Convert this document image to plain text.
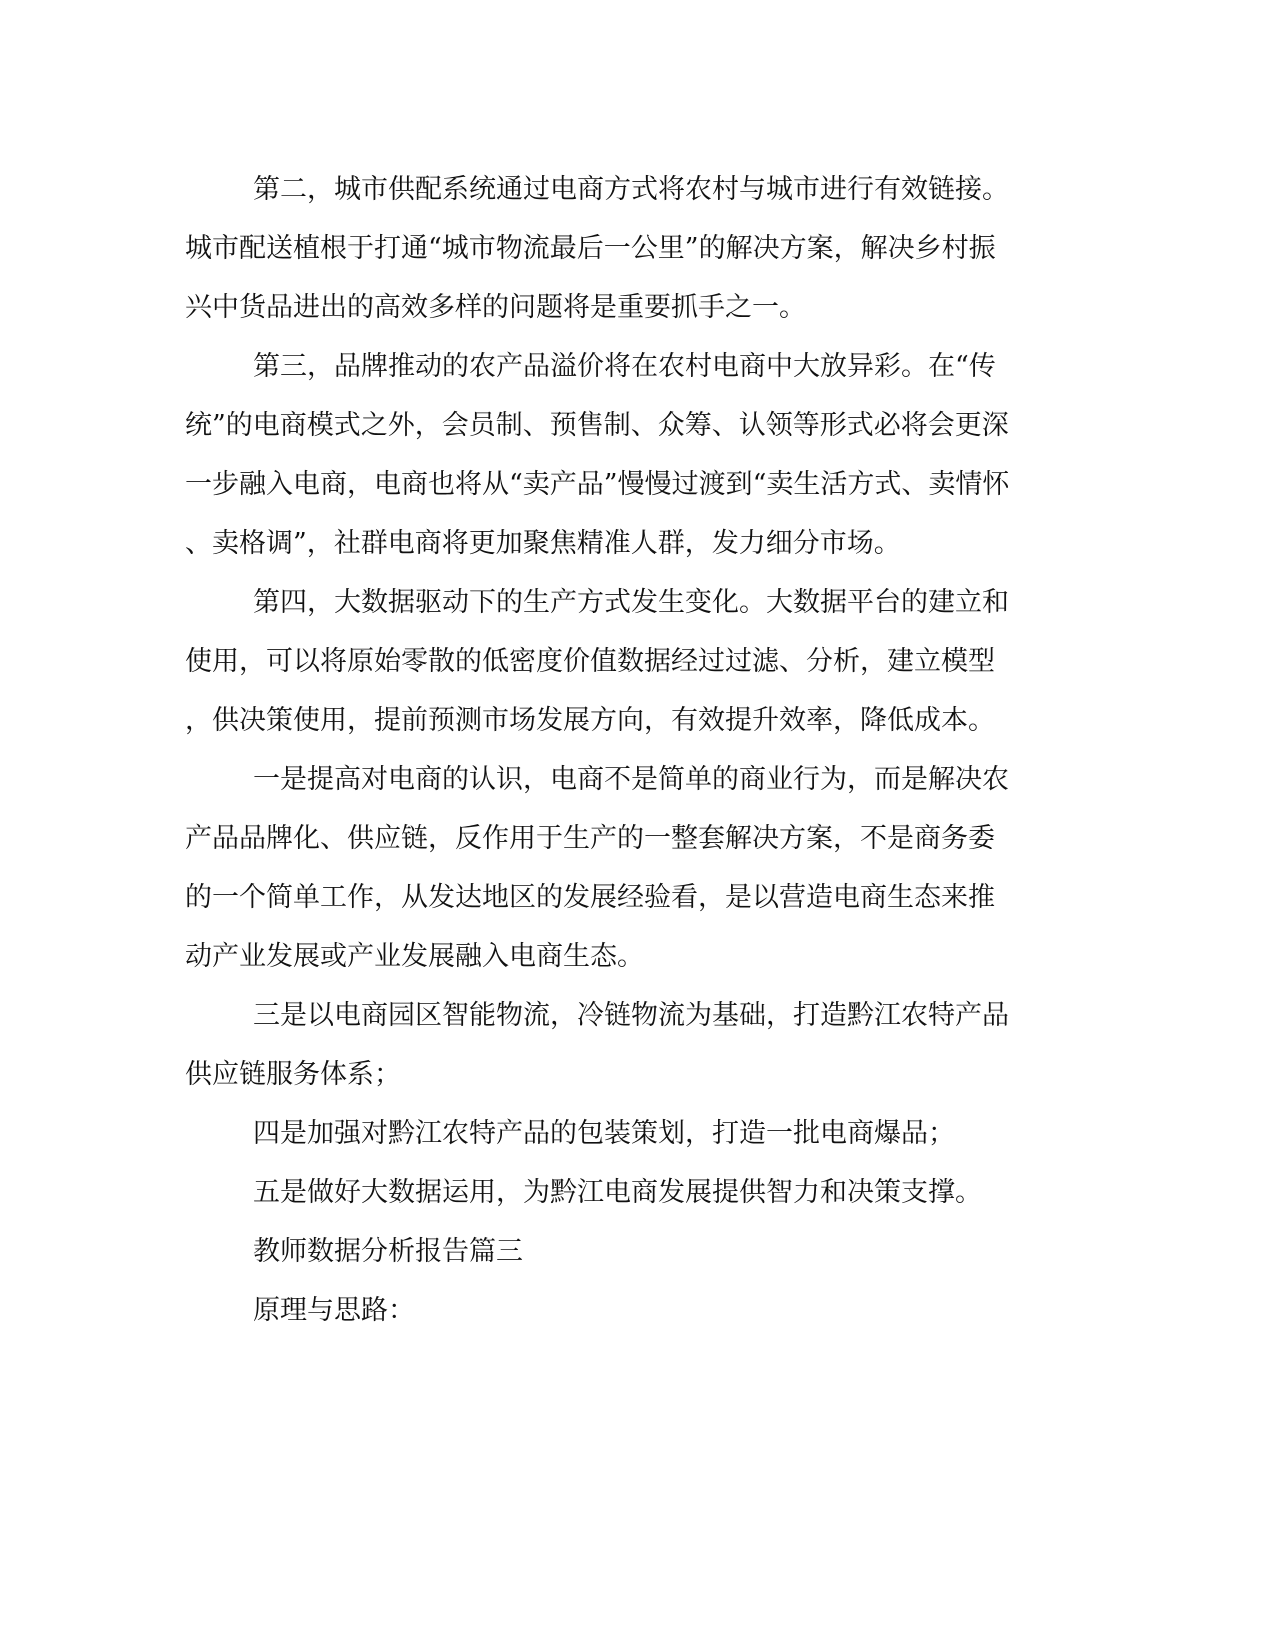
第二，城市供配系统通过电商方式将农村与城市进行有效链接。
城市配送植根于打通“城市物流最后一公里”的解决方案，解决乡村振
兴中货品进出的高效多样的问题将是重要抓手之一。
第三，品牌推动的农产品溢价将在农村电商中大放异彩。在“传
统”的电商模式之外，会员制、预售制、众筹、认领等形式必将会更深
一步融入电商，电商也将从“卖产品”慢慢过渡到“卖生活方式、卖情怀
、卖格调”，社群电商将更加聚焦精准人群，发力细分市场。
第四，大数据驱动下的生产方式发生变化。大数据平台的建立和
使用，可以将原始零散的低密度价值数据经过过滤、分析，建立模型
，供决策使用，提前预测市场发展方向，有效提升效率，降低成本。
一是提高对电商的认识，电商不是简单的商业行为，而是解决农
产品品牌化、供应链，反作用于生产的一整套解决方案，不是商务委
的一个简单工作，从发达地区的发展经验看，是以营造电商生态来推
动产业发展或产业发展融入电商生态。
三是以电商园区智能物流，冷链物流为基础，打造黔江农特产品
供应链服务体系；
四是加强对黔江农特产品的包装策划，打造一批电商爆品；
五是做好大数据运用，为黔江电商发展提供智力和决策支撑。
教师数据分析报告篇三
原理与思路：
